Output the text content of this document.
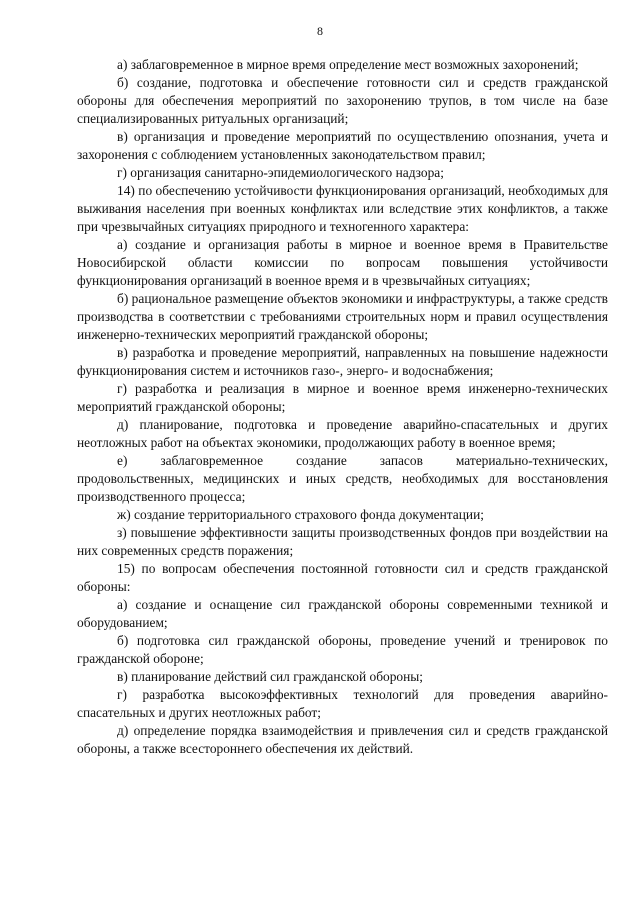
8

а) заблаговременное в мирное время определение мест возможных захоронений;

б) создание, подготовка и обеспечение готовности сил и средств гражданской обороны для обеспечения мероприятий по захоронению трупов, в том числе на базе специализированных ритуальных организаций;

в) организация и проведение мероприятий по осуществлению опознания, учета и захоронения с соблюдением установленных законодательством правил;

г) организация санитарно-эпидемиологического надзора;

14) по обеспечению устойчивости функционирования организаций, необходимых для выживания населения при военных конфликтах или вследствие этих конфликтов, а также при чрезвычайных ситуациях природного и техногенного характера:

а) создание и организация работы в мирное и военное время в Правительстве Новосибирской области комиссии по вопросам повышения устойчивости функционирования организаций в военное время и в чрезвычайных ситуациях;

б) рациональное размещение объектов экономики и инфраструктуры, а также средств производства в соответствии с требованиями строительных норм и правил осуществления инженерно-технических мероприятий гражданской обороны;

в) разработка и проведение мероприятий, направленных на повышение надежности функционирования систем и источников газо-, энерго- и водоснабжения;

г) разработка и реализация в мирное и военное время инженерно-технических мероприятий гражданской обороны;

д) планирование, подготовка и проведение аварийно-спасательных и других неотложных работ на объектах экономики, продолжающих работу в военное время;

е) заблаговременное создание запасов материально-технических, продовольственных, медицинских и иных средств, необходимых для восстановления производственного процесса;

ж) создание территориального страхового фонда документации;

з) повышение эффективности защиты производственных фондов при воздействии на них современных средств поражения;

15) по вопросам обеспечения постоянной готовности сил и средств гражданской обороны:

а) создание и оснащение сил гражданской обороны современными техникой и оборудованием;

б) подготовка сил гражданской обороны, проведение учений и тренировок по гражданской обороне;

в) планирование действий сил гражданской обороны;

г) разработка высокоэффективных технологий для проведения аварийно-спасательных и других неотложных работ;

д) определение порядка взаимодействия и привлечения сил и средств гражданской обороны, а также всестороннего обеспечения их действий.
